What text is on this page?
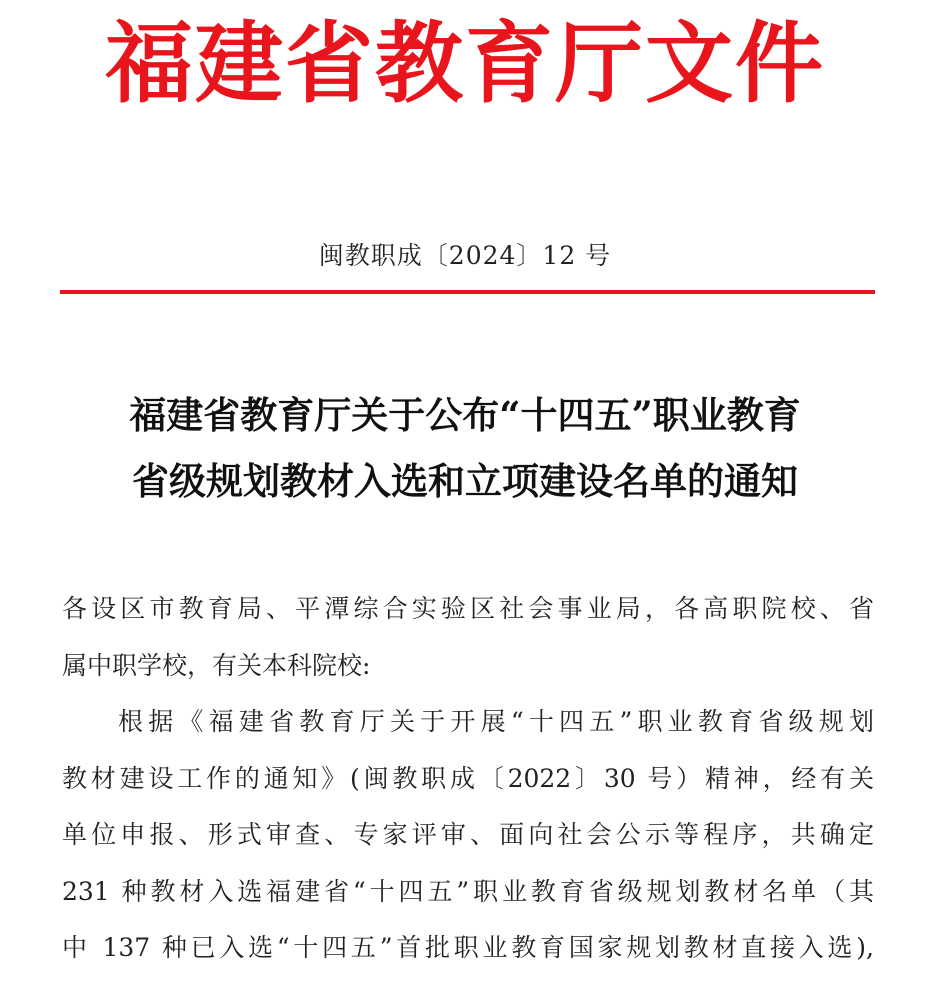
福建省教育厅文件
闽教职成〔2024〕12 号
福建省教育厅关于公布“十四五”职业教育
省级规划教材入选和立项建设名单的通知
各设区市教育局、平潭综合实验区社会事业局，各高职院校、省
属中职学校，有关本科院校:
根据《福建省教育厅关于开展“十四五”职业教育省级规划
教材建设工作的通知》(闽教职成〔2022〕30 号）精神，经有关
单位申报、形式审查、专家评审、面向社会公示等程序，共确定
231 种教材入选福建省“十四五”职业教育省级规划教材名单（其
中 137 种已入选“十四五”首批职业教育国家规划教材直接入选),
